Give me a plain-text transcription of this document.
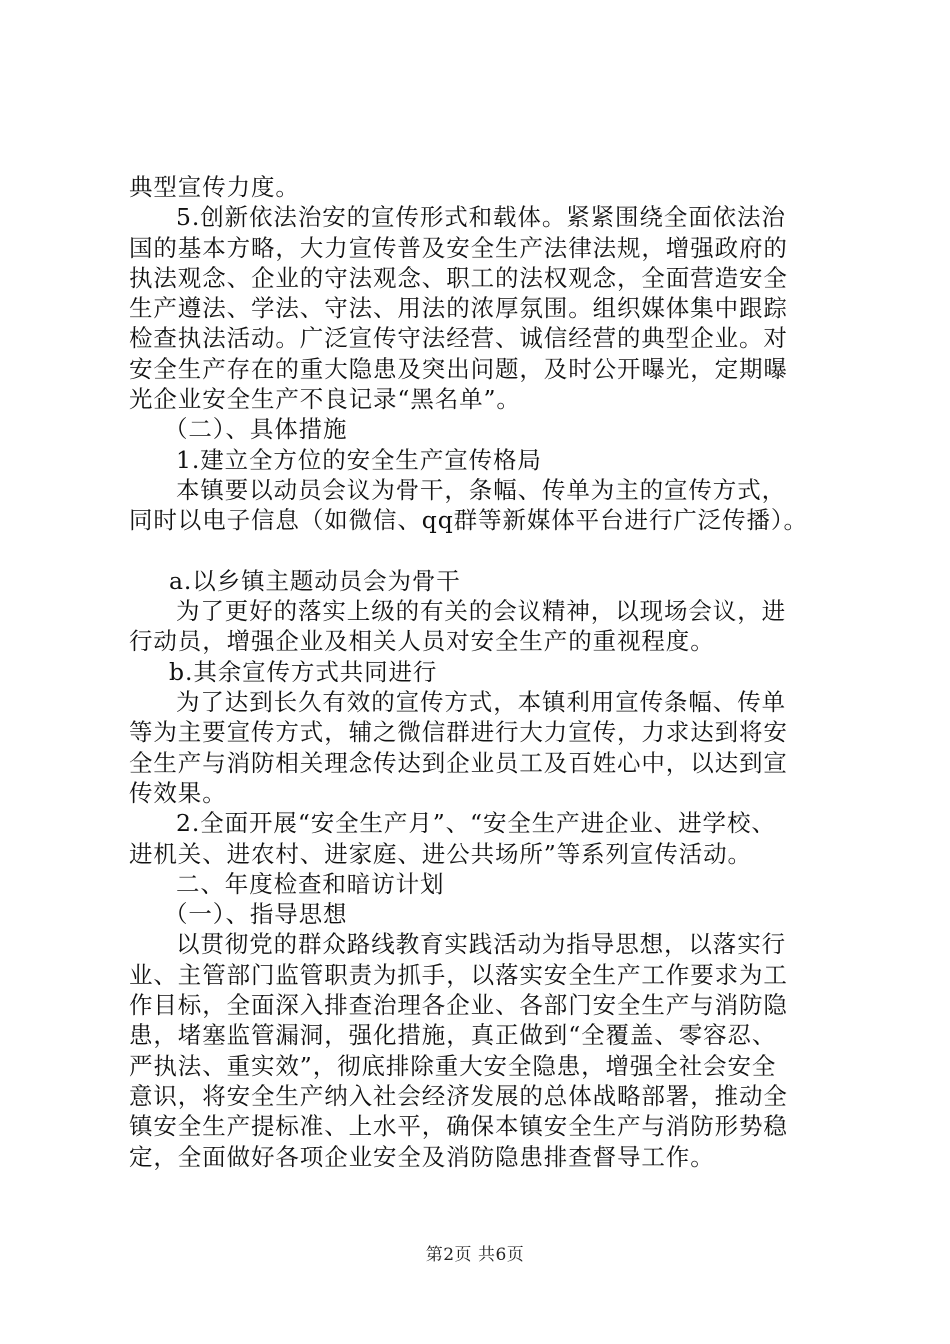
典型宣传力度。
5.创新依法治安的宣传形式和载体。紧紧围绕全面依法治
国的基本方略，大力宣传普及安全生产法律法规，增强政府的
执法观念、企业的守法观念、职工的法权观念，全面营造安全
生产遵法、学法、守法、用法的浓厚氛围。组织媒体集中跟踪
检查执法活动。广泛宣传守法经营、诚信经营的典型企业。对
安全生产存在的重大隐患及突出问题，及时公开曝光，定期曝
光企业安全生产不良记录“黑名单”。
（二）、具体措施
1.建立全方位的安全生产宣传格局
本镇要以动员会议为骨干，条幅、传单为主的宣传方式，
同时以电子信息（如微信、qq群等新媒体平台进行广泛传播）。
a.以乡镇主题动员会为骨干
为了更好的落实上级的有关的会议精神，以现场会议，进
行动员，增强企业及相关人员对安全生产的重视程度。
b.其余宣传方式共同进行
为了达到长久有效的宣传方式，本镇利用宣传条幅、传单
等为主要宣传方式，辅之微信群进行大力宣传，力求达到将安
全生产与消防相关理念传达到企业员工及百姓心中，以达到宣
传效果。
2.全面开展“安全生产月”、“安全生产进企业、进学校、
进机关、进农村、进家庭、进公共场所”等系列宣传活动。
二、年度检查和暗访计划
（一）、指导思想
以贯彻党的群众路线教育实践活动为指导思想，以落实行
业、主管部门监管职责为抓手，以落实安全生产工作要求为工
作目标，全面深入排查治理各企业、各部门安全生产与消防隐
患，堵塞监管漏洞，强化措施，真正做到“全覆盖、零容忍、
严执法、重实效”，彻底排除重大安全隐患，增强全社会安全
意识，将安全生产纳入社会经济发展的总体战略部署，推动全
镇安全生产提标准、上水平，确保本镇安全生产与消防形势稳
定，全面做好各项企业安全及消防隐患排查督导工作。
第2页 共6页
